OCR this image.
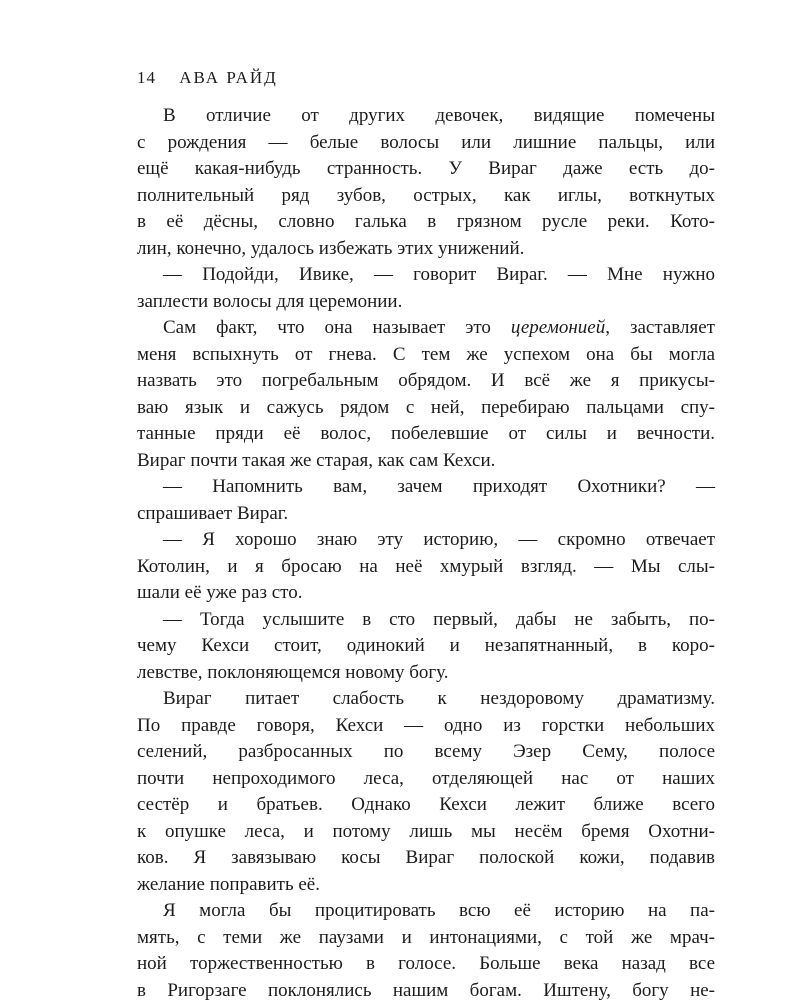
14 АВА РАЙД
В отличие от других девочек, видящие помечены
с рождения — белые волосы или лишние пальцы, или
ещё какая-нибудь странность. У Вираг даже есть до-
полнительный ряд зубов, острых, как иглы, воткнутых
в её дёсны, словно галька в грязном русле реки. Кото-
лин, конечно, удалось избежать этих унижений.
— Подойди, Ивике, — говорит Вираг. — Мне нужно
заплести волосы для церемонии.
Сам факт, что она называет это церемонией, заставляет
меня вспыхнуть от гнева. С тем же успехом она бы могла
назвать это погребальным обрядом. И всё же я прикусы-
ваю язык и сажусь рядом с ней, перебираю пальцами спу-
танные пряди её волос, побелевшие от силы и вечности.
Вираг почти такая же старая, как сам Кехси.
— Напомнить вам, зачем приходят Охотники? —
спрашивает Вираг.
— Я хорошо знаю эту историю, — скромно отвечает
Котолин, и я бросаю на неё хмурый взгляд. — Мы слы-
шали её уже раз сто.
— Тогда услышите в сто первый, дабы не забыть, по-
чему Кехси стоит, одинокий и незапятнанный, в коро-
левстве, поклоняющемся новому богу.
Вираг питает слабость к нездоровому драматизму.
По правде говоря, Кехси — одно из горстки небольших
селений, разбросанных по всему Эзер Сему, полосе
почти непроходимого леса, отделяющей нас от наших
сестёр и братьев. Однако Кехси лежит ближе всего
к опушке леса, и потому лишь мы несём бремя Охотни-
ков. Я завязываю косы Вираг полоской кожи, подавив
желание поправить её.
Я могла бы процитировать всю её историю на па-
мять, с теми же паузами и интонациями, с той же мрач-
ной торжественностью в голосе. Больше века назад все
в Ригорзаге поклонялись нашим богам. Иштену, богу не-
